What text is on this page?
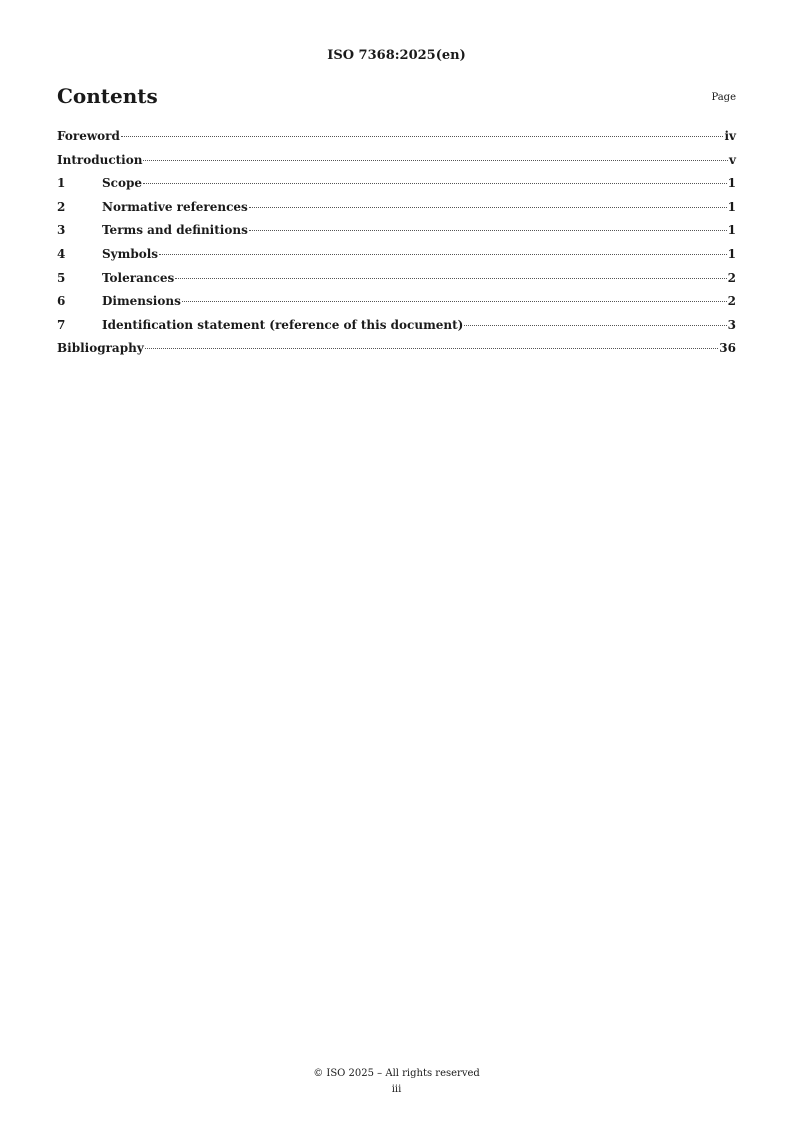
ISO 7368:2025(en)
Contents	Page
Foreword	iv
Introduction	v
1	Scope	1
2	Normative references	1
3	Terms and definitions	1
4	Symbols	1
5	Tolerances	2
6	Dimensions	2
7	Identification statement (reference of this document)	3
Bibliography	36
© ISO 2025 – All rights reserved
iii
